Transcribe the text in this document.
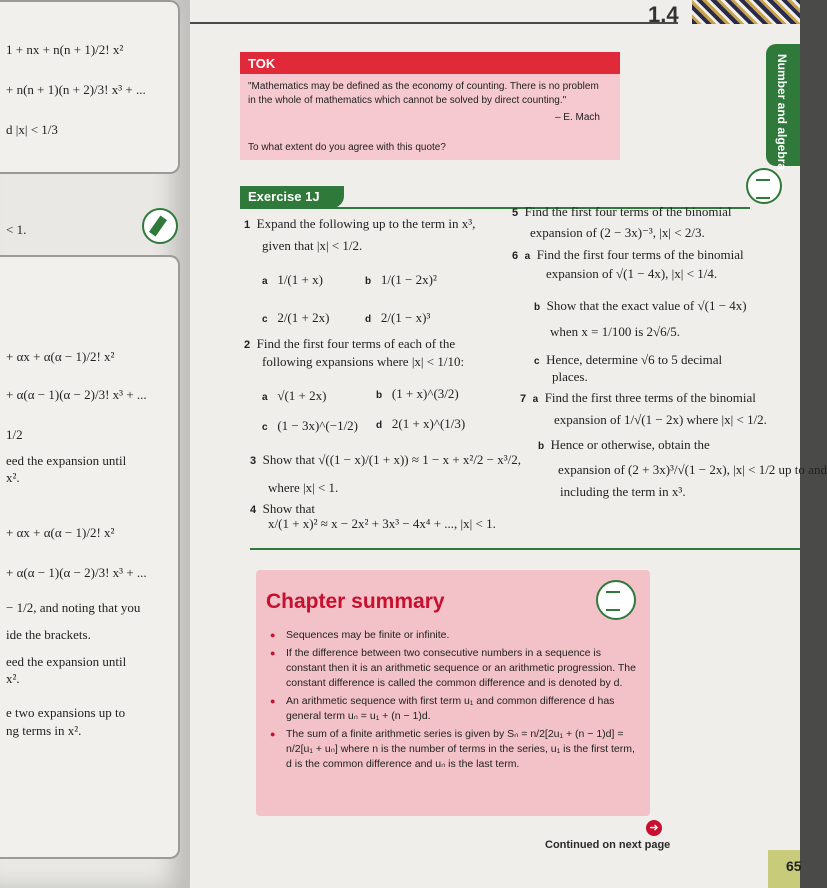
1 + nx + n(n + 1)/2! x²
+ n(n + 1)(n + 2)/3! x³ + ...
d |x| < 1/3
< 1.
+ αx + α(α − 1)/2! x²
+ α(α − 1)(α − 2)/3! x³ + ...
1/2
eed the expansion until
x².
+ αx + α(α − 1)/2! x²
+ α(α − 1)(α − 2)/3! x³ + ...
− 1/2, and noting that you
ide the brackets.
eed the expansion until
x².
e two expansions up to
ng terms in x².
1.4
Number and algebra
TOK
"Mathematics may be defined as the economy of counting. There is no problem in the whole of mathematics which cannot be solved by direct counting."
– E. Mach
To what extent do you agree with this quote?
Exercise 1J
1 Expand the following up to the term in x³,
given that |x| < 1/2.
a 1/(1 + x)	b 1/(1 − 2x)²
c 2/(1 + 2x)	d 2/(1 − x)³
2 Find the first four terms of each of the
following expansions where |x| < 1/10:
a √(1 + 2x)	b (1 + x)^(3/2)
c (1 − 3x)^(−1/2) d 2(1 + x)^(1/3)
3 Show that √((1 − x)/(1 + x)) ≈ 1 − x + x²/2 − x³/2,
where |x| < 1.
4 Show that
x/(1 + x)² ≈ x − 2x² + 3x³ − 4x⁴ + ..., |x| < 1.
5 Find the first four terms of the binomial
expansion of (2 − 3x)⁻³, |x| < 2/3.
6 a Find the first four terms of the binomial
expansion of √(1 − 4x), |x| < 1/4.
b Show that the exact value of √(1 − 4x)
when x = 1/100 is 2√6/5.
c Hence, determine √6 to 5 decimal
places.
7 a Find the first three terms of the binomial
expansion of 1/√(1 − 2x) where |x| < 1/2.
b Hence or otherwise, obtain the
expansion of (2 + 3x)³/√(1 − 2x), |x| < 1/2 up to and
including the term in x³.
Chapter summary
● Sequences may be finite or infinite.
● If the difference between two consecutive numbers in a sequence is constant then it is an arithmetic sequence or an arithmetic progression. The constant difference is called the common difference and is denoted by d.
● An arithmetic sequence with first term u₁ and common difference d has general term uₙ = u₁ + (n − 1)d.
● The sum of a finite arithmetic series is given by Sₙ = n/2[2u₁ + (n − 1)d] = n/2[u₁ + uₙ] where n is the number of terms in the series, u₁ is the first term, d is the common difference and uₙ is the last term.
➜
Continued on next page
65
